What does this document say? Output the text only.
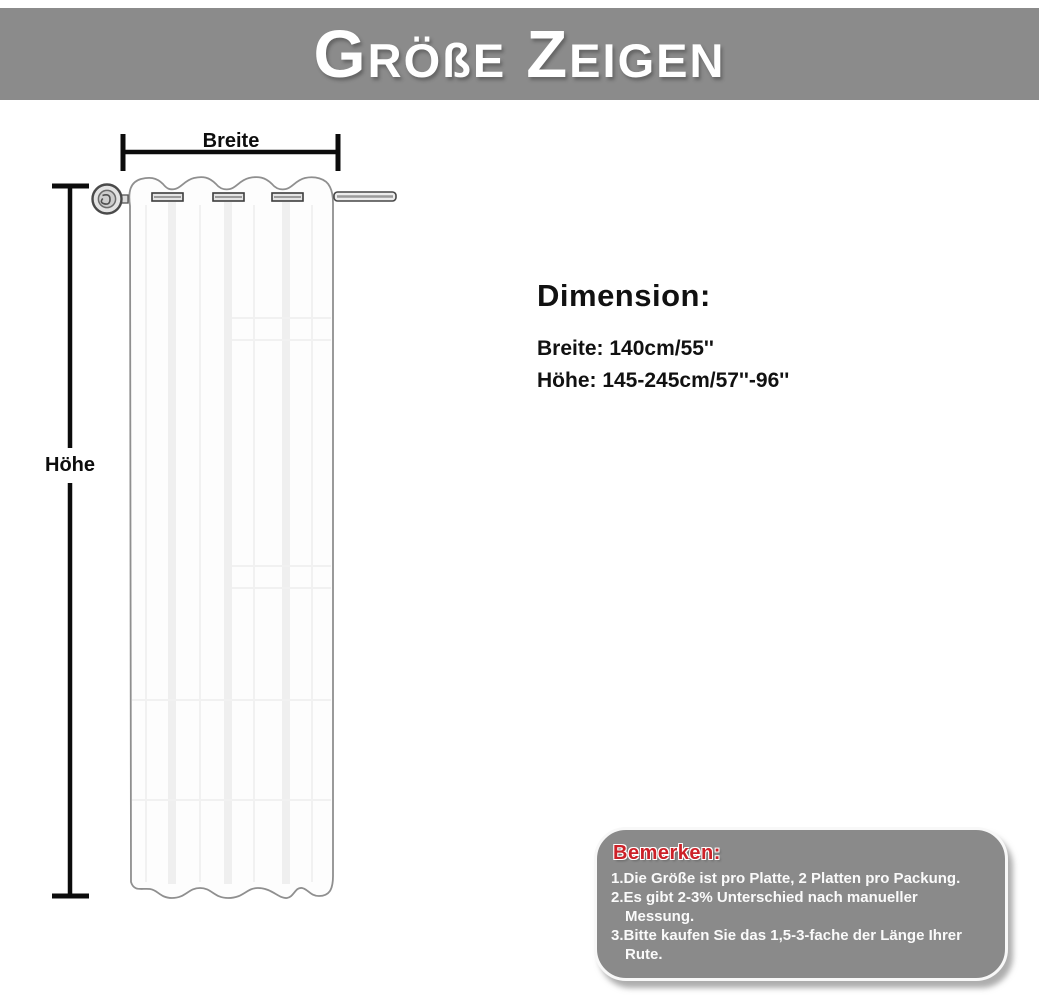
GRÖßE ZEIGEN
Breite
Höhe
Dimension:
Breite: 140cm/55''
Höhe: 145-245cm/57''-96''
Bemerken:
1.Die Größe ist pro Platte, 2 Platten pro Packung.
2.Es gibt 2-3% Unterschied nach manueller
Messung.
3.Bitte kaufen Sie das 1,5-3-fache der Länge Ihrer
Rute.
